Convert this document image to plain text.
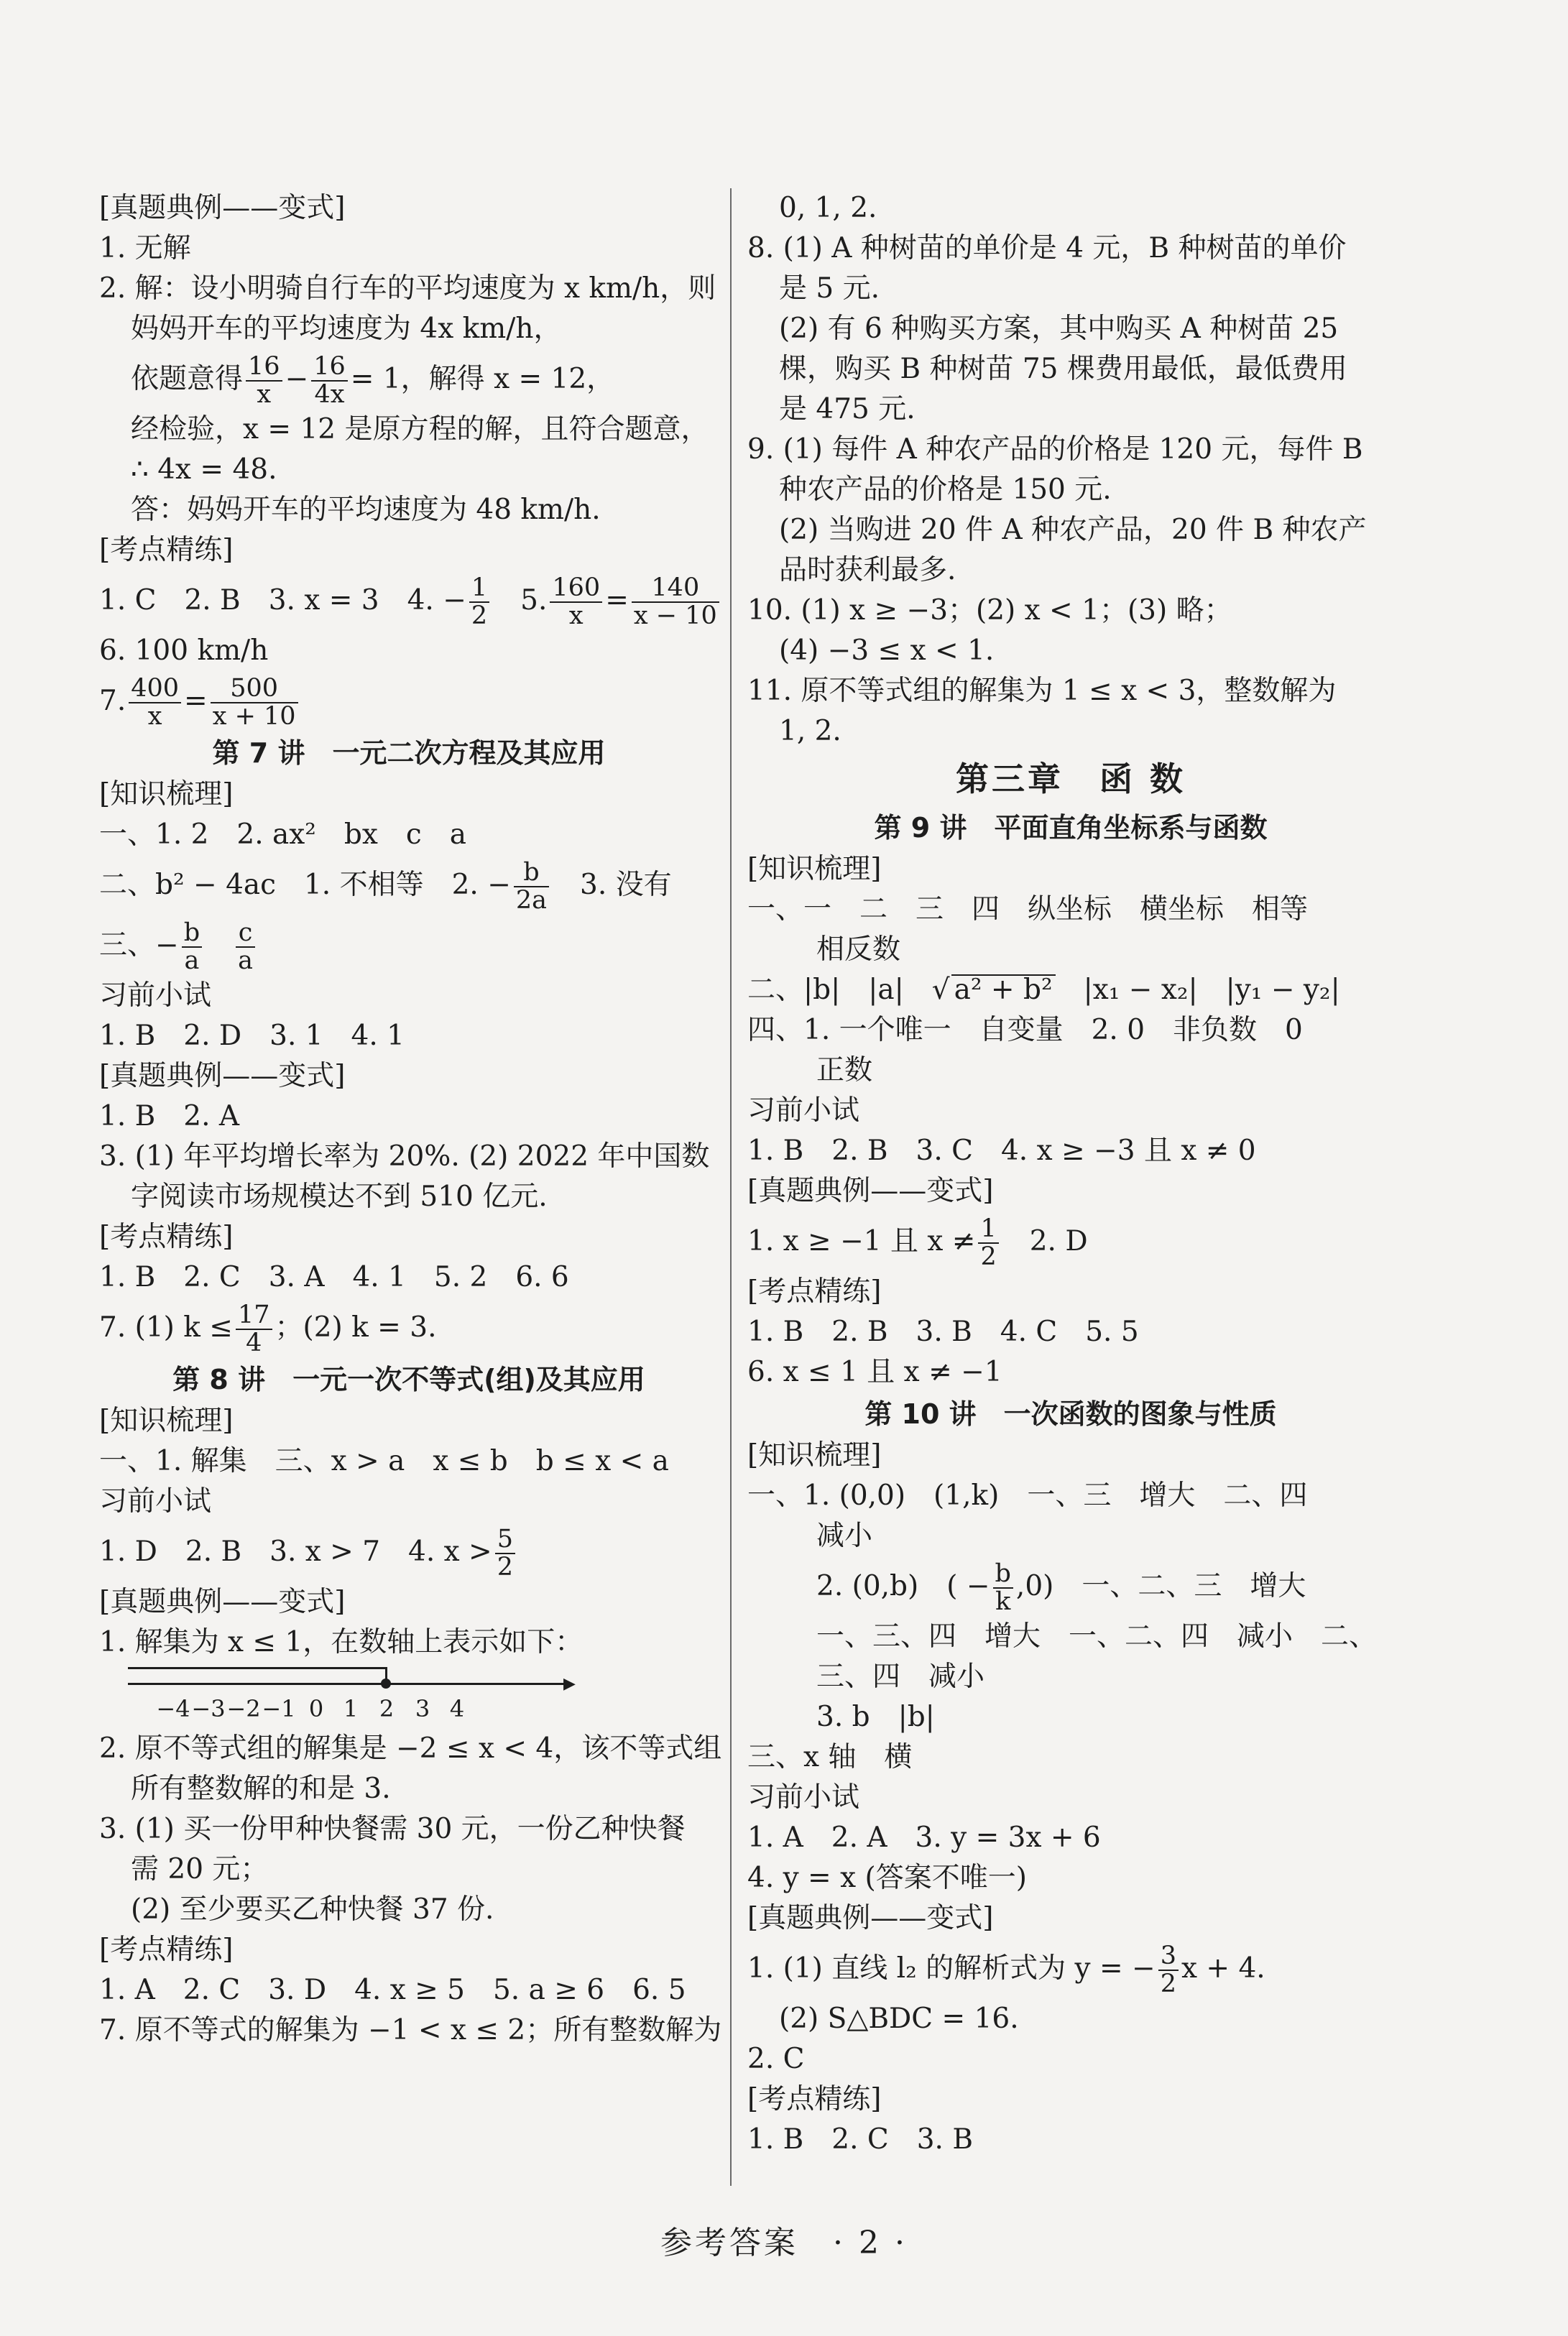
[真题典例——变式]
1. 无解
2. 解：设小明骑自行车的平均速度为 x km/h，则
妈妈开车的平均速度为 4x km/h，
依题意得 $\frac{16}{x} - \frac{16}{4x} = 1$，解得 x = 12，
经检验，x = 12 是原方程的解，且符合题意，
∴ 4x = 48.
答：妈妈开车的平均速度为 48 km/h.
[考点精练]
1. C　2. B　3. x = 3　4. − $\frac{1}{2}$ 　5. $\frac{160}{x} = \frac{140}{x - 10}$
6. 100 km/h
7. $\frac{400}{x} = \frac{500}{x + 10}$
第 7 讲　一元二次方程及其应用
[知识梳理]
一、1. 2　2. ax²　bx　c　a
二、b² − 4ac　1. 不相等　2. − $\frac{b}{2a}$ 　3. 没有
三、− $\frac{b}{a}$
　 $\frac{c}{a}$
习前小试
1. B　2. D　3. 1　4. 1
[真题典例——变式]
1. B　2. A
3. (1) 年平均增长率为 20%. (2) 2022 年中国数
字阅读市场规模达不到 510 亿元.
[考点精练]
1. B　2. C　3. A　4. 1　5. 2　6. 6
7. (1) $k \le \frac{17}{4}$ ；(2) k = 3.
第 8 讲　一元一次不等式(组)及其应用
[知识梳理]
一、1. 解集　三、x > a　x ≤ b　b ≤ x < a
习前小试
1. D　2. B　3. x > 7　4. $x > \frac{5}{2}$
[真题典例——变式]
1. 解集为 x ≤ 1，在数轴上表示如下：
▶
−4 −3 −2 −1 0 1 2 3 4
2. 原不等式组的解集是 −2 ≤ x < 4，该不等式组
所有整数解的和是 3.
3. (1) 买一份甲种快餐需 30 元，一份乙种快餐
需 20 元；
(2) 至少要买乙种快餐 37 份.
[考点精练]
1. A　2. C　3. D　4. x ≥ 5　5. a ≥ 6　6. 5
7. 原不等式的解集为 −1 < x ≤ 2；所有整数解为
0, 1, 2.
8. (1) A 种树苗的单价是 4 元，B 种树苗的单价
是 5 元.
(2) 有 6 种购买方案，其中购买 A 种树苗 25
棵，购买 B 种树苗 75 棵费用最低，最低费用
是 475 元.
9. (1) 每件 A 种农产品的价格是 120 元，每件 B
种农产品的价格是 150 元.
(2) 当购进 20 件 A 种农产品，20 件 B 种农产
品时获利最多.
10. (1) x ≥ −3；(2) x < 1；(3) 略；
(4) −3 ≤ x < 1.
11. 原不等式组的解集为 1 ≤ x < 3，整数解为
1, 2.
第三章　函 数
第 9 讲　平面直角坐标系与函数
[知识梳理]
一、一　二　三　四　纵坐标　横坐标　相等
相反数
二、|b|　|a|　√ a² + b²　|x₁ − x₂|　|y₁ − y₂|
四、1. 一个唯一　自变量　2. 0　非负数　0
正数
习前小试
1. B　2. B　3. C　4. x ≥ −3 且 x ≠ 0
[真题典例——变式]
1. x ≥ −1 且 $x \ne \frac{1}{2}$ 　2. D
[考点精练]
1. B　2. B　3. B　4. C　5. 5
6. x ≤ 1 且 x ≠ −1
第 10 讲　一次函数的图象与性质
[知识梳理]
一、1. (0,0)　(1,k)　一、三　增大　二、四
减小
2. (0,b)　( − $\frac{b}{k} ,0$)　一、二、三　增大
一、三、四　增大　一、二、四　减小　二、
三、四　减小
3. b　|b|
三、x 轴　横
习前小试
1. A　2. A　3. y = 3x + 6
4. y = x (答案不唯一)
[真题典例——变式]
1. (1) 直线 l₂ 的解析式为 y = − $\frac{3}{2}$ x + 4.
(2) S△BDC = 16.
2. C
[考点精练]
1. B　2. C　3. B
参考答案　 · 2 ·
